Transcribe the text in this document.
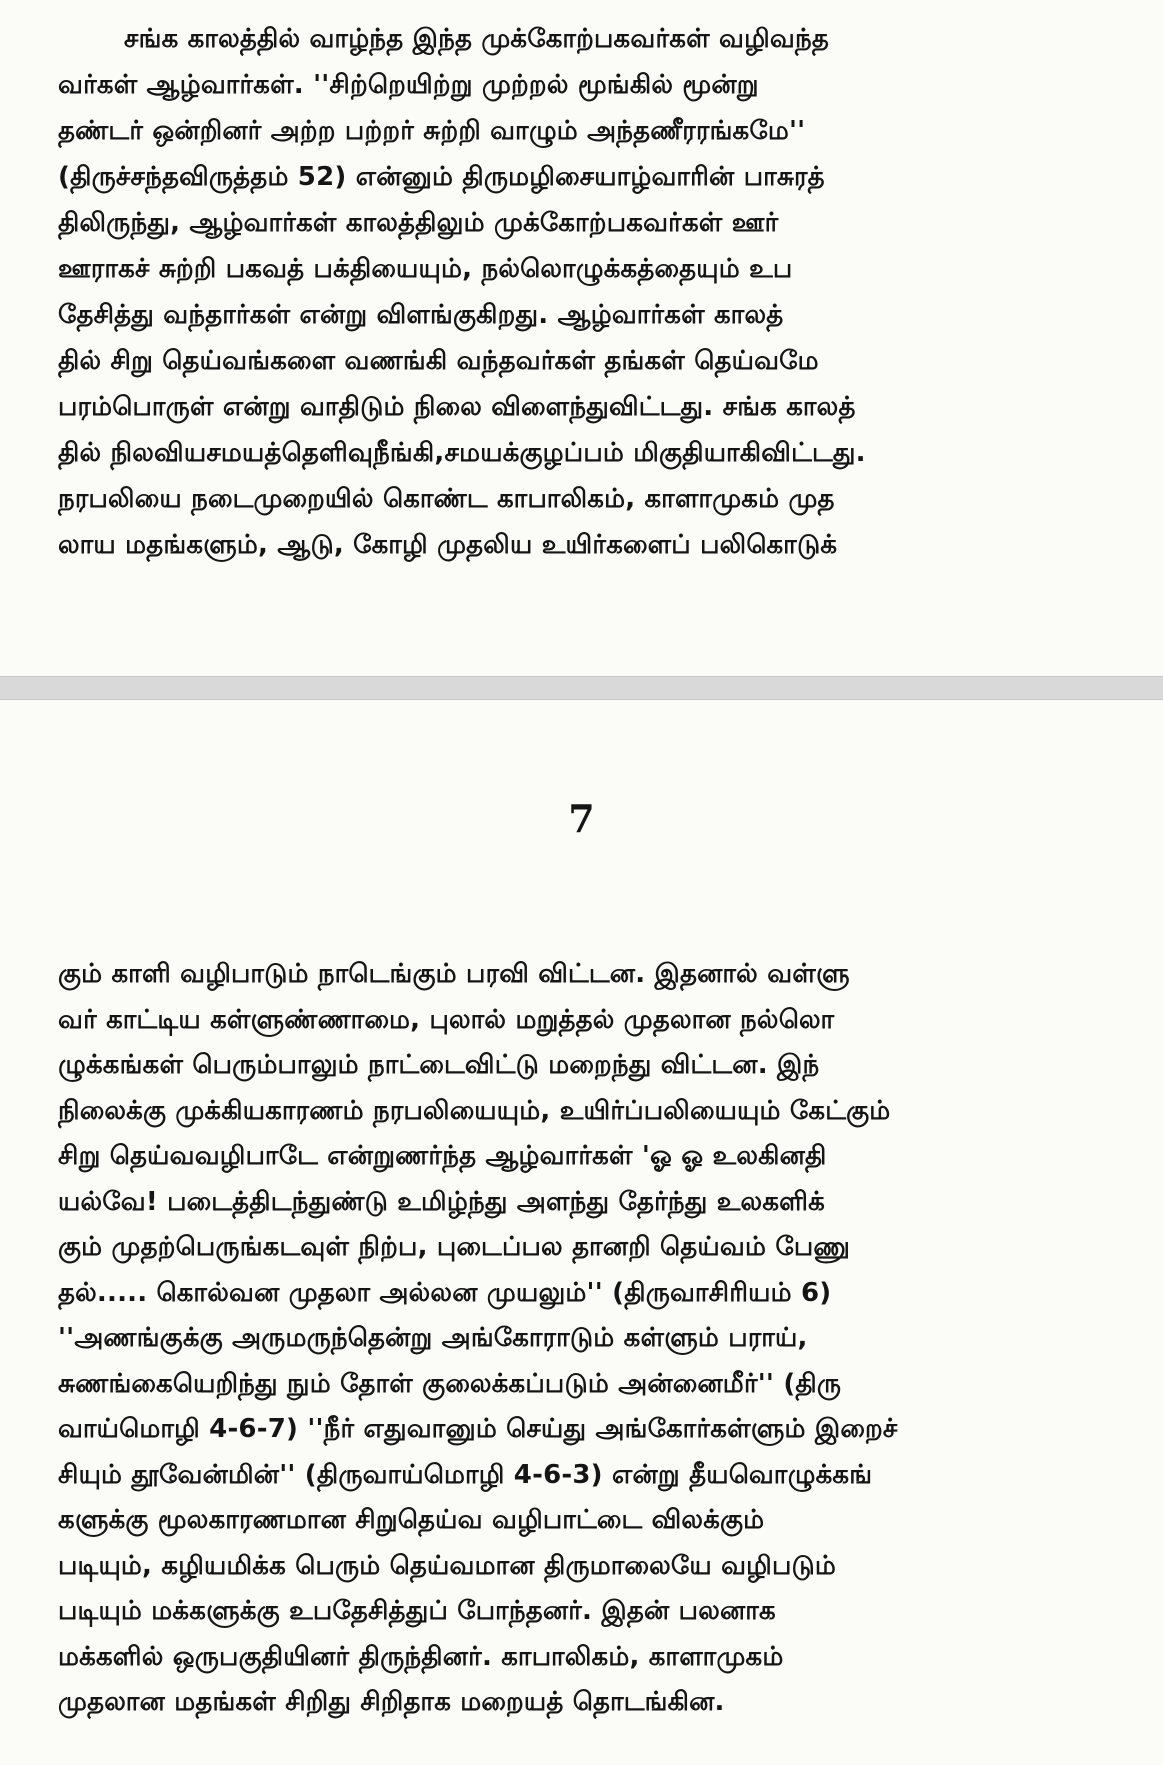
சங்க காலத்தில் வாழ்ந்த இந்த முக்கோற்பகவர்கள் வழிவந்த
வர்கள் ஆழ்வார்கள். ''சிற்றெயிற்று முற்றல் மூங்கில் மூன்று
தண்டர் ஒன்றினர் அற்ற பற்றர் சுற்றி வாழும் அந்தணீரரங்கமே''
(திருச்சந்தவிருத்தம் 52) என்னும் திருமழிசையாழ்வாரின் பாசுரத்
திலிருந்து, ஆழ்வார்கள் காலத்திலும் முக்கோற்பகவர்கள் ஊர்
ஊராகச் சுற்றி பகவத் பக்தியையும், நல்லொழுக்கத்தையும் உப
தேசித்து வந்தார்கள் என்று விளங்குகிறது. ஆழ்வார்கள் காலத்
தில் சிறு தெய்வங்களை வணங்கி வந்தவர்கள் தங்கள் தெய்வமே
பரம்பொருள் என்று வாதிடும் நிலை விளைந்துவிட்டது. சங்க காலத்
தில் நிலவியசமயத்தெளிவுநீங்கி,சமயக்குழப்பம் மிகுதியாகிவிட்டது.
நரபலியை நடைமுறையில் கொண்ட காபாலிகம், காளாமுகம் முத
லாய மதங்களும், ஆடு, கோழி முதலிய உயிர்களைப் பலிகொடுக்
7
கும் காளி வழிபாடும் நாடெங்கும் பரவி விட்டன. இதனால் வள்ளு
வர் காட்டிய கள்ளுண்ணாமை, புலால் மறுத்தல் முதலான நல்லொ
ழுக்கங்கள் பெரும்பாலும் நாட்டைவிட்டு மறைந்து விட்டன. இந்
நிலைக்கு முக்கியகாரணம் நரபலியையும், உயிர்ப்பலியையும் கேட்கும்
சிறு தெய்வவழிபாடே என்றுணர்ந்த ஆழ்வார்கள் 'ஓ ஓ உலகினதி
யல்வே! படைத்திடந்துண்டு உமிழ்ந்து அளந்து தேர்ந்து உலகளிக்
கும் முதற்பெருங்கடவுள் நிற்ப, புடைப்பல தானறி தெய்வம் பேணு
தல்..... கொல்வன முதலா அல்லன முயலும்'' (திருவாசிரியம் 6)
''அணங்குக்கு அருமருந்தென்று அங்கோராடும் கள்ளும் பராய்,
சுணங்கையெறிந்து நும் தோள் குலைக்கப்படும் அன்னைமீர்'' (திரு
வாய்மொழி 4-6-7) ''நீர் எதுவானும் செய்து அங்கோர்கள்ளும் இறைச்
சியும் தூவேன்மின்'' (திருவாய்மொழி 4-6-3) என்று தீயவொழுக்கங்
களுக்கு மூலகாரணமான சிறுதெய்வ வழிபாட்டை விலக்கும்
படியும், கழியமிக்க பெரும் தெய்வமான திருமாலையே வழிபடும்
படியும் மக்களுக்கு உபதேசித்துப் போந்தனர். இதன் பலனாக
மக்களில் ஒருபகுதியினர் திருந்தினர். காபாலிகம், காளாமுகம்
முதலான மதங்கள் சிறிது சிறிதாக மறையத் தொடங்கின.
